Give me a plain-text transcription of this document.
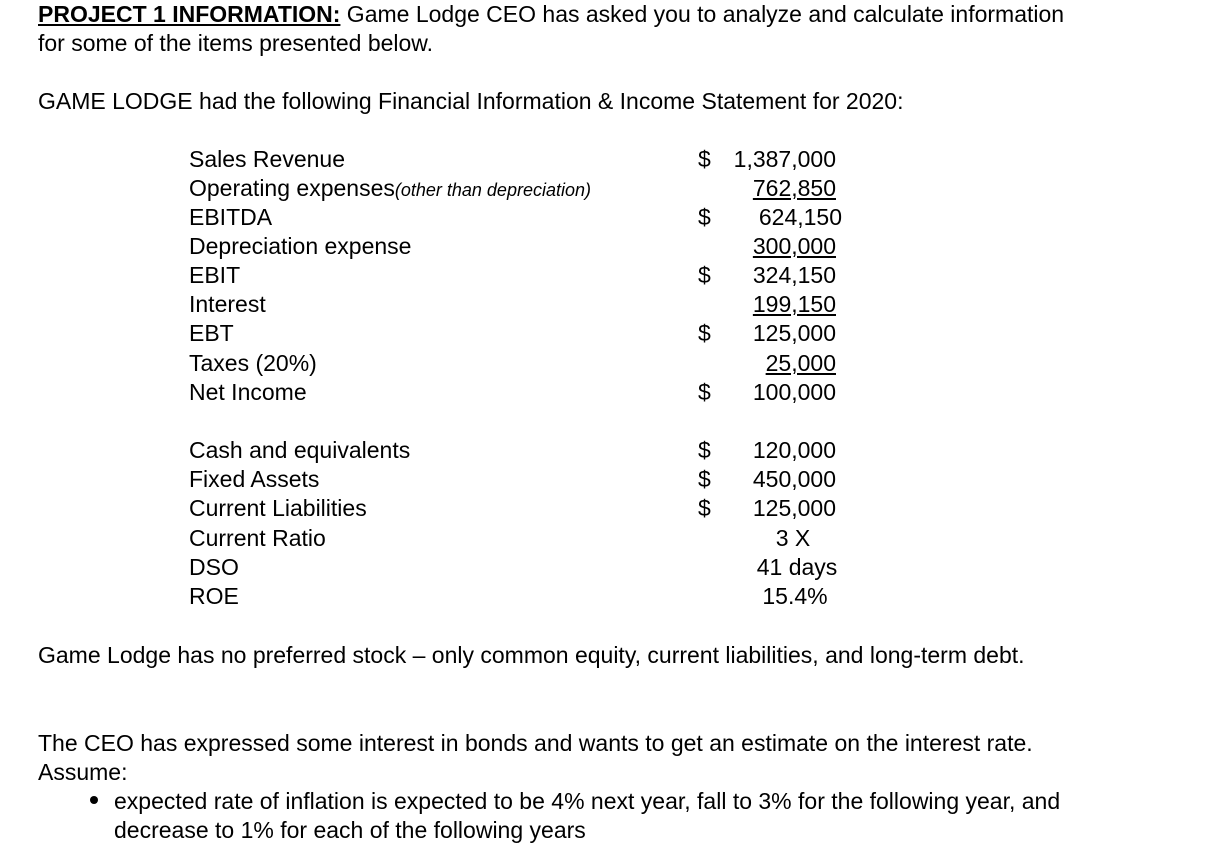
PROJECT 1 INFORMATION: Game Lodge CEO has asked you to analyze and calculate information
for some of the items presented below.
GAME LODGE had the following Financial Information & Income Statement for 2020:
Sales Revenue	$ 1,387,000
Operating expenses(other than depreciation)	762,850
EBITDA	$	624,150
Depreciation expense	300,000
EBIT	$	324,150
Interest	199,150
EBT	$	125,000
Taxes (20%)	25,000
Net Income	$	100,000
Cash and equivalents	$	120,000
Fixed Assets	$	450,000
Current Liabilities	$	125,000
Current Ratio	3 X
DSO	41 days
ROE	15.4%
Game Lodge has no preferred stock – only common equity, current liabilities, and long-term debt.
The CEO has expressed some interest in bonds and wants to get an estimate on the interest rate.
Assume:
expected rate of inflation is expected to be 4% next year, fall to 3% for the following year, and
decrease to 1% for each of the following years
